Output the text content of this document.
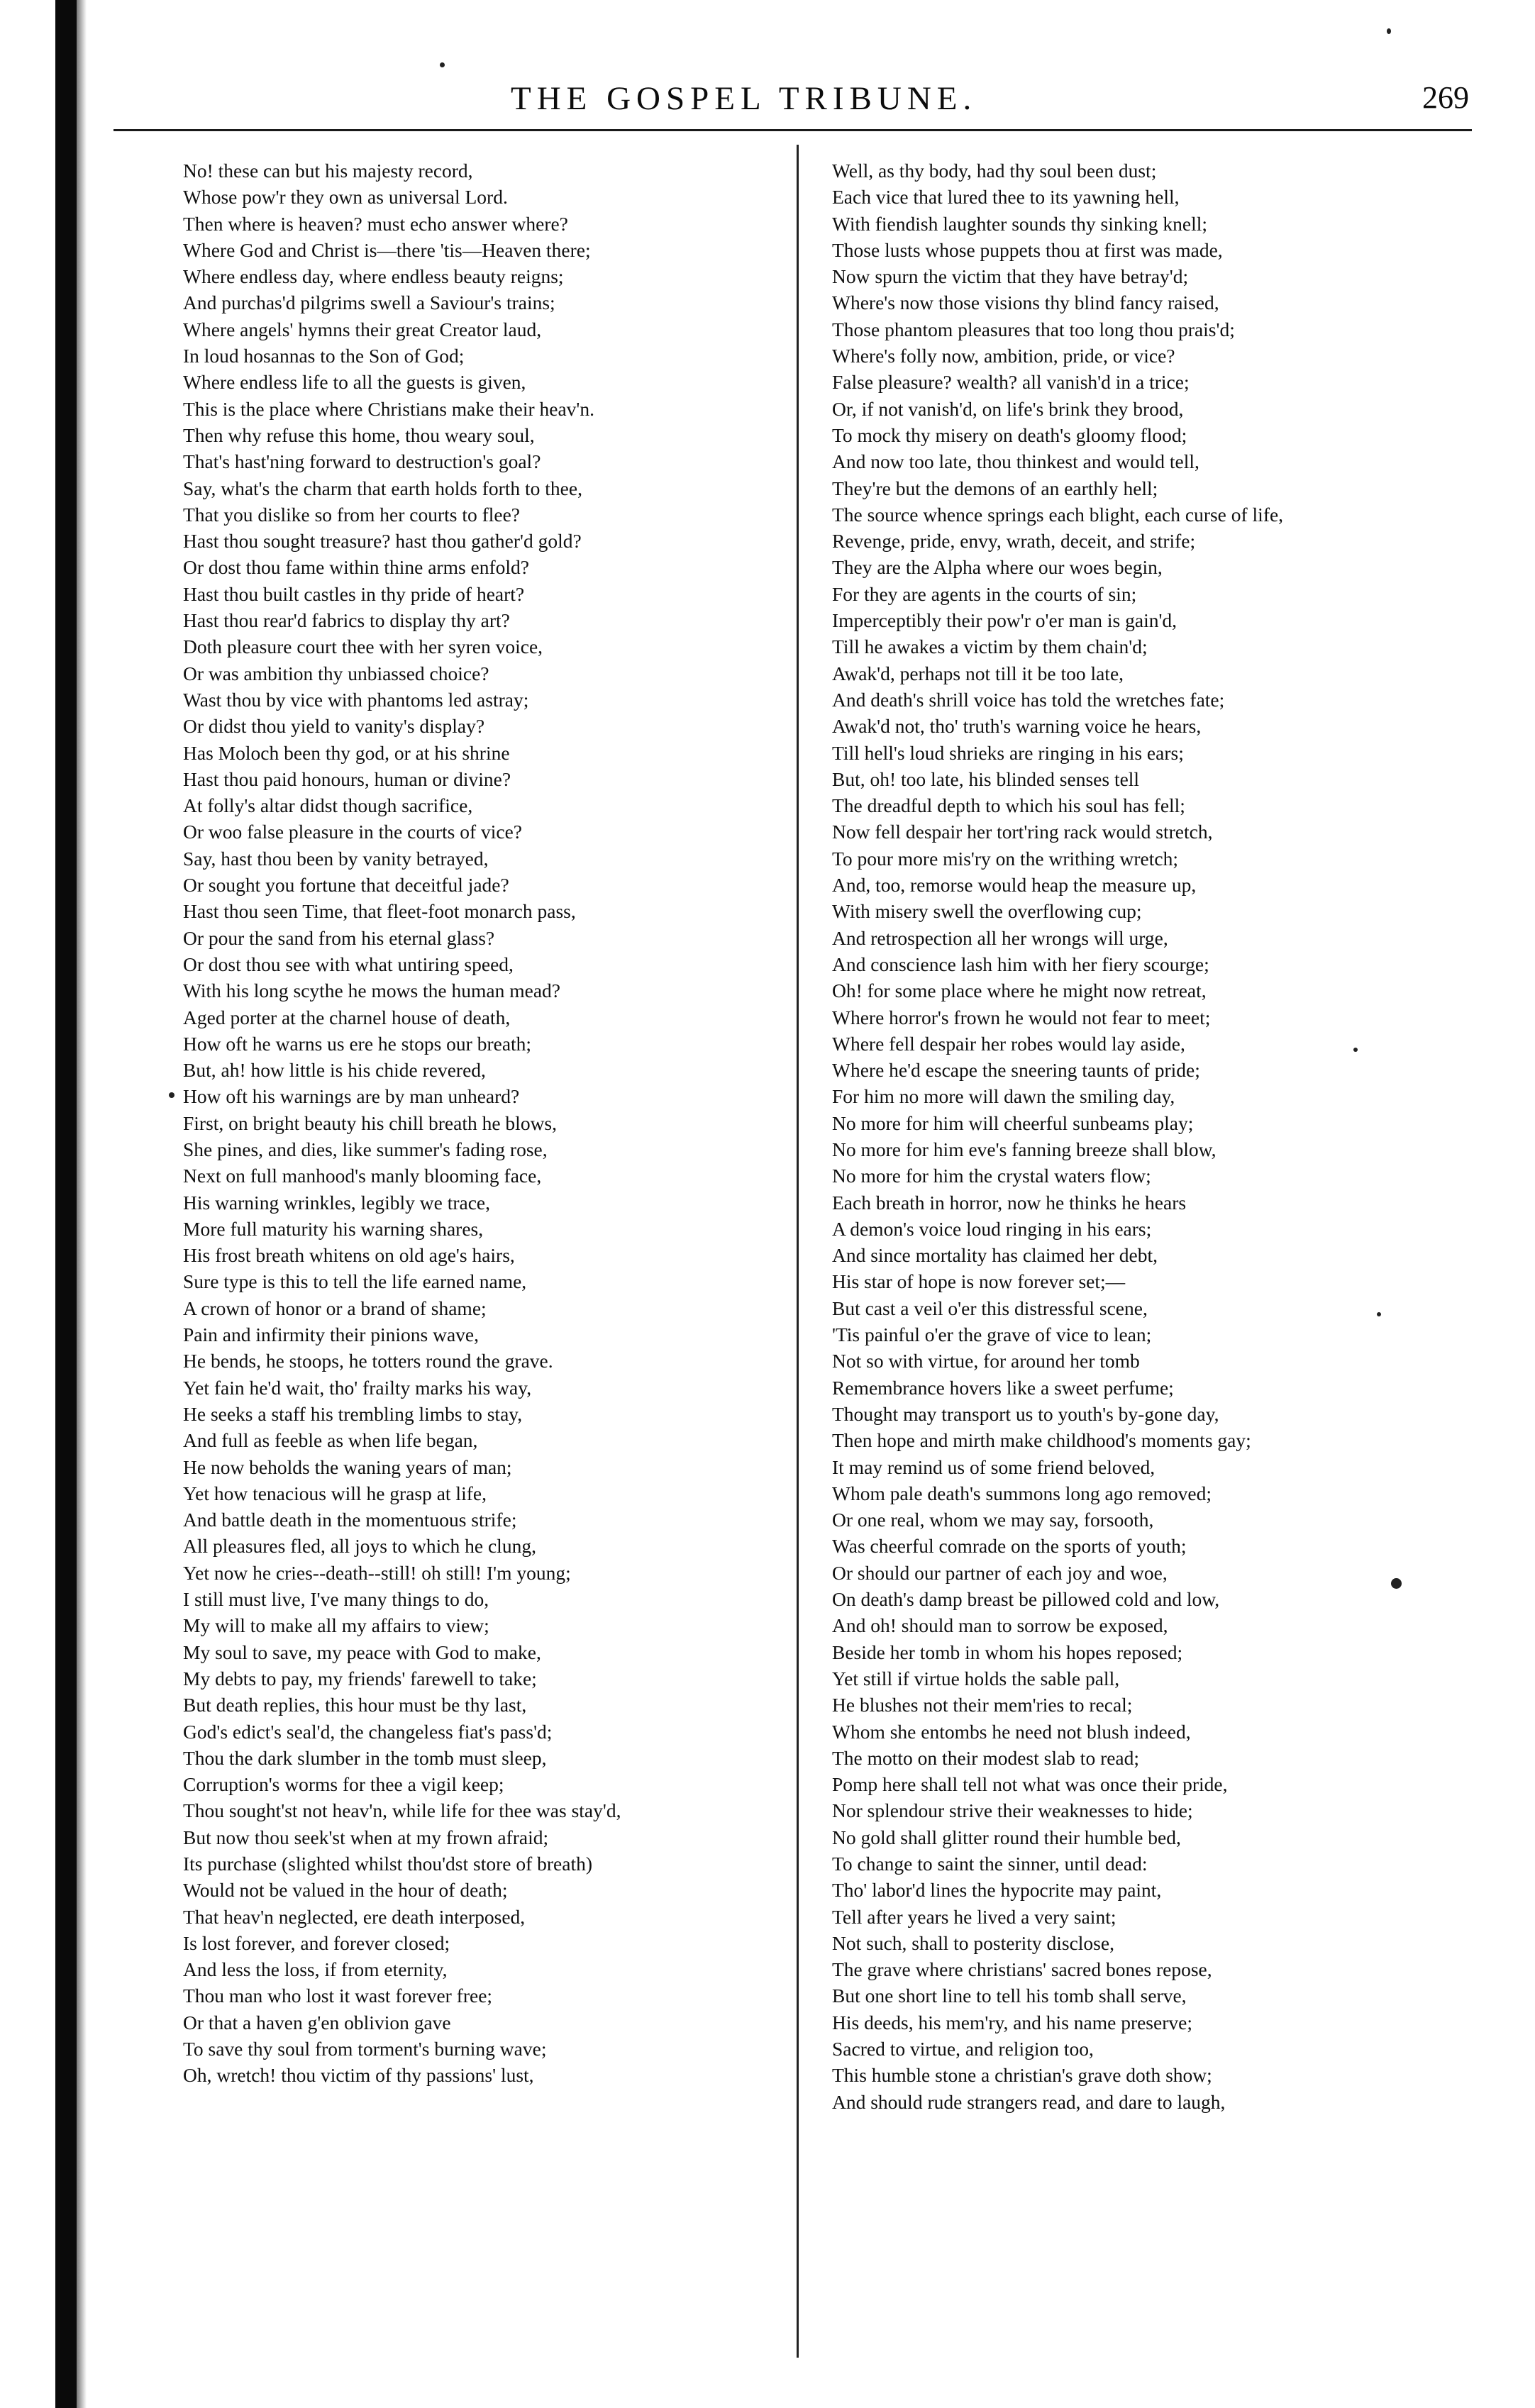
THE GOSPEL TRIBUNE.	269
No! these can but his majesty record,
Whose pow'r they own as universal Lord.
Then where is heaven? must echo answer where?
Where God and Christ is—there 'tis—Heaven there;
Where endless day, where endless beauty reigns;
And purchas'd pilgrims swell a Saviour's trains;
Where angels' hymns their great Creator laud,
In loud hosannas to the Son of God;
Where endless life to all the guests is given,
This is the place where Christians make their heav'n.
Then why refuse this home, thou weary soul,
That's hast'ning forward to destruction's goal?
Say, what's the charm that earth holds forth to thee,
That you dislike so from her courts to flee?
Hast thou sought treasure? hast thou gather'd gold?
Or dost thou fame within thine arms enfold?
Hast thou built castles in thy pride of heart?
Hast thou rear'd fabrics to display thy art?
Doth pleasure court thee with her syren voice,
Or was ambition thy unbiassed choice?
Wast thou by vice with phantoms led astray;
Or didst thou yield to vanity's display?
Has Moloch been thy god, or at his shrine
Hast thou paid honours, human or divine?
At folly's altar didst though sacrifice,
Or woo false pleasure in the courts of vice?
Say, hast thou been by vanity betrayed,
Or sought you fortune that deceitful jade?
Hast thou seen Time, that fleet-foot monarch pass,
Or pour the sand from his eternal glass?
Or dost thou see with what untiring speed,
With his long scythe he mows the human mead?
Aged porter at the charnel house of death,
How oft he warns us ere he stops our breath;
But, ah! how little is his chide revered,
How oft his warnings are by man unheard?
First, on bright beauty his chill breath he blows,
She pines, and dies, like summer's fading rose,
Next on full manhood's manly blooming face,
His warning wrinkles, legibly we trace,
More full maturity his warning shares,
His frost breath whitens on old age's hairs,
Sure type is this to tell the life earned name,
A crown of honor or a brand of shame;
Pain and infirmity their pinions wave,
He bends, he stoops, he totters round the grave.
Yet fain he'd wait, tho' frailty marks his way,
He seeks a staff his trembling limbs to stay,
And full as feeble as when life began,
He now beholds the waning years of man;
Yet how tenacious will he grasp at life,
And battle death in the momentuous strife;
All pleasures fled, all joys to which he clung,
Yet now he cries--death--still! oh still! I'm young;
I still must live, I've many things to do,
My will to make all my affairs to view;
My soul to save, my peace with God to make,
My debts to pay, my friends' farewell to take;
But death replies, this hour must be thy last,
God's edict's seal'd, the changeless fiat's pass'd;
Thou the dark slumber in the tomb must sleep,
Corruption's worms for thee a vigil keep;
Thou sought'st not heav'n, while life for thee was stay'd,
But now thou seek'st when at my frown afraid;
Its purchase (slighted whilst thou'dst store of breath)
Would not be valued in the hour of death;
That heav'n neglected, ere death interposed,
Is lost forever, and forever closed;
And less the loss, if from eternity,
Thou man who lost it wast forever free;
Or that a haven g'en oblivion gave
To save thy soul from torment's burning wave;
Oh, wretch! thou victim of thy passions' lust,
Well, as thy body, had thy soul been dust;
Each vice that lured thee to its yawning hell,
With fiendish laughter sounds thy sinking knell;
Those lusts whose puppets thou at first was made,
Now spurn the victim that they have betray'd;
Where's now those visions thy blind fancy raised,
Those phantom pleasures that too long thou prais'd;
Where's folly now, ambition, pride, or vice?
False pleasure? wealth? all vanish'd in a trice;
Or, if not vanish'd, on life's brink they brood,
To mock thy misery on death's gloomy flood;
And now too late, thou thinkest and would tell,
They're but the demons of an earthly hell;
The source whence springs each blight, each curse of life,
Revenge, pride, envy, wrath, deceit, and strife;
They are the Alpha where our woes begin,
For they are agents in the courts of sin;
Imperceptibly their pow'r o'er man is gain'd,
Till he awakes a victim by them chain'd;
Awak'd, perhaps not till it be too late,
And death's shrill voice has told the wretches fate;
Awak'd not, tho' truth's warning voice he hears,
Till hell's loud shrieks are ringing in his ears;
But, oh! too late, his blinded senses tell
The dreadful depth to which his soul has fell;
Now fell despair her tort'ring rack would stretch,
To pour more mis'ry on the writhing wretch;
And, too, remorse would heap the measure up,
With misery swell the overflowing cup;
And retrospection all her wrongs will urge,
And conscience lash him with her fiery scourge;
Oh! for some place where he might now retreat,
Where horror's frown he would not fear to meet;
Where fell despair her robes would lay aside,
Where he'd escape the sneering taunts of pride;
For him no more will dawn the smiling day,
No more for him will cheerful sunbeams play;
No more for him eve's fanning breeze shall blow,
No more for him the crystal waters flow;
Each breath in horror, now he thinks he hears
A demon's voice loud ringing in his ears;
And since mortality has claimed her debt,
His star of hope is now forever set;—
But cast a veil o'er this distressful scene,
'Tis painful o'er the grave of vice to lean;
Not so with virtue, for around her tomb
Remembrance hovers like a sweet perfume;
Thought may transport us to youth's by-gone day,
Then hope and mirth make childhood's moments gay;
It may remind us of some friend beloved,
Whom pale death's summons long ago removed;
Or one real, whom we may say, forsooth,
Was cheerful comrade on the sports of youth;
Or should our partner of each joy and woe,
On death's damp breast be pillowed cold and low,
And oh! should man to sorrow be exposed,
Beside her tomb in whom his hopes reposed;
Yet still if virtue holds the sable pall,
He blushes not their mem'ries to recal;
Whom she entombs he need not blush indeed,
The motto on their modest slab to read;
Pomp here shall tell not what was once their pride,
Nor splendour strive their weaknesses to hide;
No gold shall glitter round their humble bed,
To change to saint the sinner, until dead:
Tho' labor'd lines the hypocrite may paint,
Tell after years he lived a very saint;
Not such, shall to posterity disclose,
The grave where christians' sacred bones repose,
But one short line to tell his tomb shall serve,
His deeds, his mem'ry, and his name preserve;
Sacred to virtue, and religion too,
This humble stone a christian's grave doth show;
And should rude strangers read, and dare to laugh,
